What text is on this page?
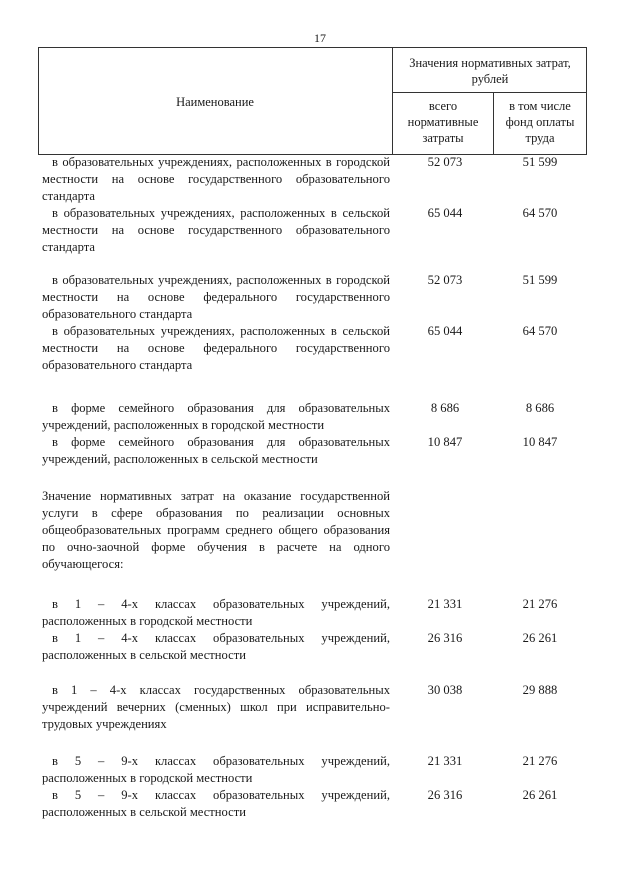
17
Наименование
Значения нормативных затрат, рублей
всего нормативные затраты
в том числе фонд оплаты труда
в образовательных учреждениях, расположенных в городской местности на основе государственного образовательного стандарта
52 073	51 599
в образовательных учреждениях, расположенных в сельской местности на основе государственного образовательного стандарта
65 044	64 570
в образовательных учреждениях, расположенных в городской местности на основе федерального государственного образовательного стандарта
52 073	51 599
в образовательных учреждениях, расположенных в сельской местности на основе федерального государственного образовательного стандарта
65 044	64 570
в форме семейного образования для образовательных учреждений, расположенных в городской местности
8 686	8 686
в форме семейного образования для образовательных учреждений, расположенных в сельской местности
10 847	10 847
Значение нормативных затрат на оказание государственной услуги в сфере образования по реализации основных общеобразовательных программ среднего общего образования по очно-заочной форме обучения в расчете на одного обучающегося:
в 1 – 4-х классах образовательных учреждений, расположенных в городской местности
21 331	21 276
в 1 – 4-х классах образовательных учреждений, расположенных в сельской местности
26 316	26 261
в 1 – 4-х классах государственных образовательных учреждений вечерних (сменных) школ при исправительно-трудовых учреждениях
30 038	29 888
в 5 – 9-х классах образовательных учреждений, расположенных в городской местности
21 331	21 276
в 5 – 9-х классах образовательных учреждений, расположенных в сельской местности
26 316	26 261
